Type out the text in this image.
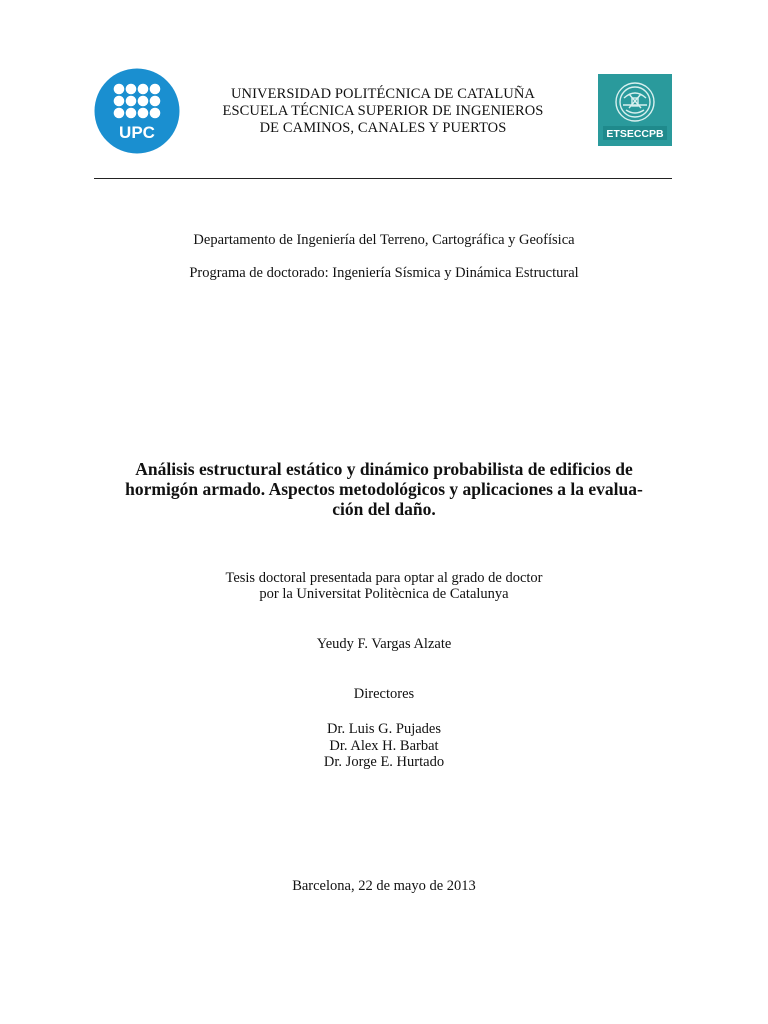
UPC
UNIVERSIDAD POLITÉCNICA DE CATALUÑA
ESCUELA TÉCNICA SUPERIOR DE INGENIEROS
DE CAMINOS, CANALES Y PUERTOS	ETSECCPB
Departamento de Ingeniería del Terreno, Cartográfica y Geofísica
Programa de doctorado: Ingeniería Sísmica y Dinámica Estructural
Análisis estructural estático y dinámico probabilista de edificios de
hormigón armado. Aspectos metodológicos y aplicaciones a la evalua-
ción del daño.
Tesis doctoral presentada para optar al grado de doctor
por la Universitat Politècnica de Catalunya
Yeudy F. Vargas Alzate
Directores
Dr. Luis G. Pujades
Dr. Alex H. Barbat
Dr. Jorge E. Hurtado
Barcelona, 22 de mayo de 2013
